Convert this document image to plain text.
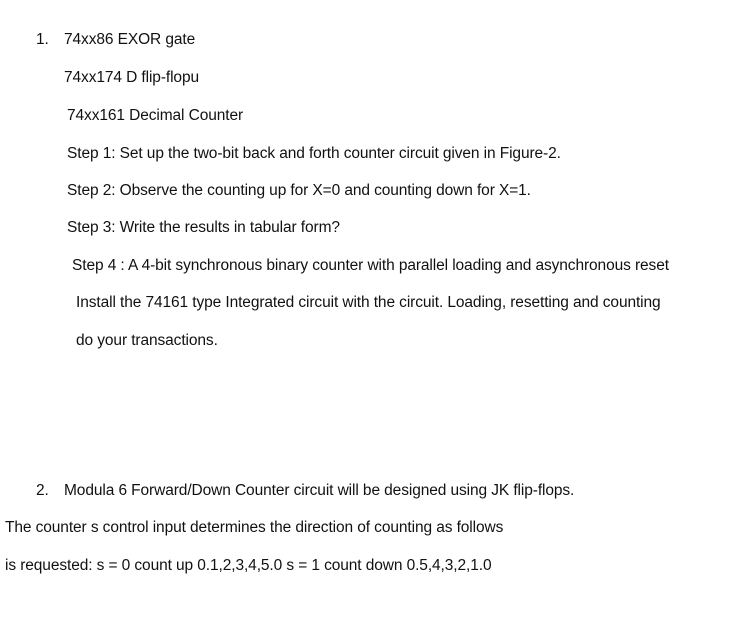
1. 74xx86 EXOR gate
74xx174 D flip-flopu
74xx161 Decimal Counter
Step 1: Set up the two-bit back and forth counter circuit given in Figure-2.
Step 2: Observe the counting up for X=0 and counting down for X=1.
Step 3: Write the results in tabular form?
Step 4 : A 4-bit synchronous binary counter with parallel loading and asynchronous reset
Install the 74161 type Integrated circuit with the circuit. Loading, resetting and counting
do your transactions.
2. Modula 6 Forward/Down Counter circuit will be designed using JK flip-flops.
The counter s control input determines the direction of counting as follows
is requested: s = 0 count up 0.1,2,3,4,5.0 s = 1 count down 0.5,4,3,2,1.0
